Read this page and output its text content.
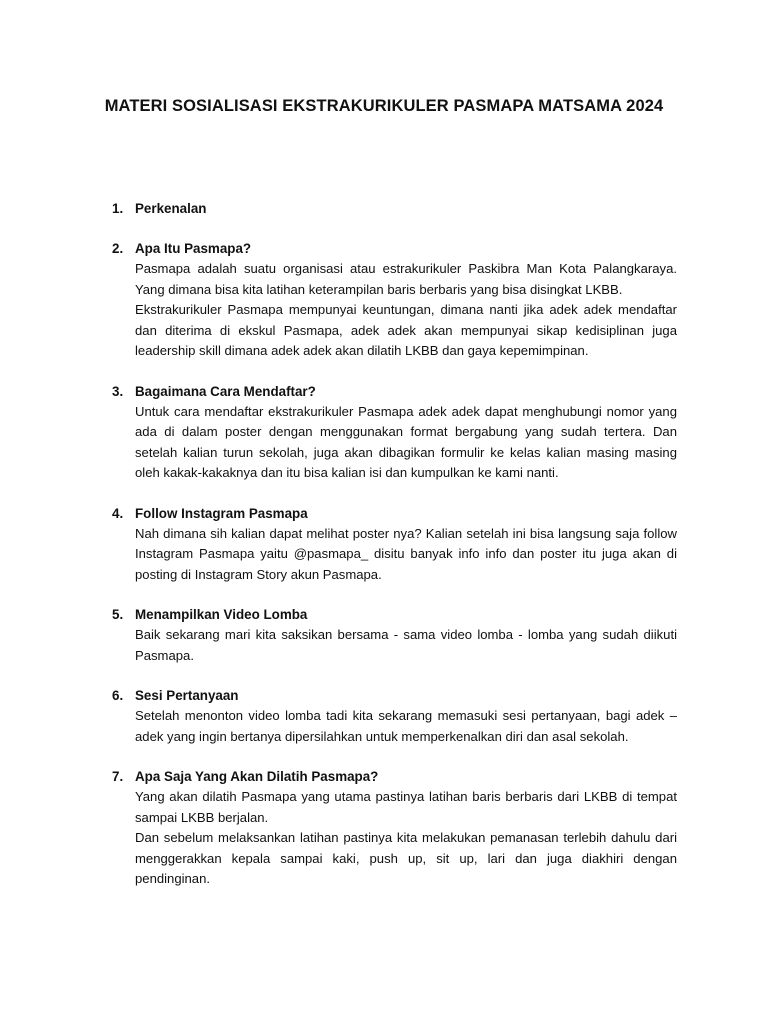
MATERI SOSIALISASI EKSTRAKURIKULER PASMAPA MATSAMA 2024

1. Perkenalan

2. Apa Itu Pasmapa?

Pasmapa adalah suatu organisasi atau estrakurikuler Paskibra Man Kota Palangkaraya. Yang dimana bisa kita latihan keterampilan baris berbaris yang bisa disingkat LKBB.

Ekstrakurikuler Pasmapa mempunyai keuntungan, dimana nanti jika adek adek mendaftar dan diterima di ekskul Pasmapa, adek adek akan mempunyai sikap kedisiplinan juga leadership skill dimana adek adek akan dilatih LKBB dan gaya kepemimpinan.

3. Bagaimana Cara Mendaftar?

Untuk cara mendaftar ekstrakurikuler Pasmapa adek adek dapat menghubungi nomor yang ada di dalam poster dengan menggunakan format bergabung yang sudah tertera. Dan setelah kalian turun sekolah, juga akan dibagikan formulir ke kelas kalian masing masing oleh kakak-kakaknya dan itu bisa kalian isi dan kumpulkan ke kami nanti.

4. Follow Instagram Pasmapa

Nah dimana sih kalian dapat melihat poster nya? Kalian setelah ini bisa langsung saja follow Instagram Pasmapa yaitu @pasmapa_ disitu banyak info info dan poster itu juga akan di posting di Instagram Story akun Pasmapa.

5. Menampilkan Video Lomba

Baik sekarang mari kita saksikan bersama - sama video lomba - lomba yang sudah diikuti Pasmapa.

6. Sesi Pertanyaan

Setelah menonton video lomba tadi kita sekarang memasuki sesi pertanyaan, bagi adek – adek yang ingin bertanya dipersilahkan untuk memperkenalkan diri dan asal sekolah.

7. Apa Saja Yang Akan Dilatih Pasmapa?

Yang akan dilatih Pasmapa yang utama pastinya latihan baris berbaris dari LKBB di tempat sampai LKBB berjalan.

Dan sebelum melaksankan latihan pastinya kita melakukan pemanasan terlebih dahulu dari menggerakkan kepala sampai kaki, push up, sit up, lari dan juga diakhiri dengan pendinginan.
